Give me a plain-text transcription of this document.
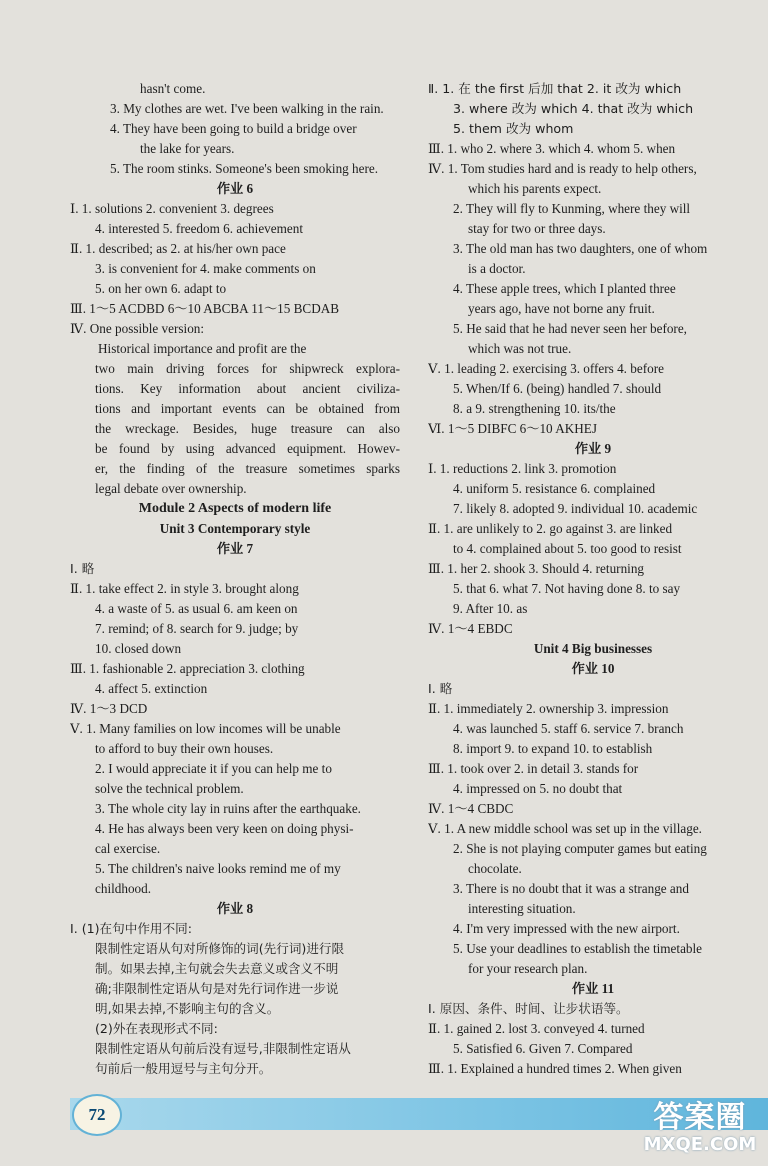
hasn't come.
3. My clothes are wet. I've been walking in the rain.
4. They have been going to build a bridge over
the lake for years.
5. The room stinks. Someone's been smoking here.
作业 6
Ⅰ. 1. solutions 2. convenient 3. degrees
4. interested 5. freedom 6. achievement
Ⅱ. 1. described; as 2. at his/her own pace
3. is convenient for 4. make comments on
5. on her own 6. adapt to
Ⅲ. 1～5 ACDBD 6～10 ABCBA 11～15 BCDAB
Ⅳ. One possible version:
Historical importance and profit are the
two main driving forces for shipwreck explora-
tions. Key information about ancient civiliza-
tions and important events can be obtained from
the wreckage. Besides, huge treasure can also
be found by using advanced equipment. Howev-
er, the finding of the treasure sometimes sparks
legal debate over ownership.
Module 2 Aspects of modern life
Unit 3 Contemporary style
作业 7
Ⅰ. 略
Ⅱ. 1. take effect 2. in style 3. brought along
4. a waste of 5. as usual 6. am keen on
7. remind; of 8. search for 9. judge; by
10. closed down
Ⅲ. 1. fashionable 2. appreciation 3. clothing
4. affect 5. extinction
Ⅳ. 1～3 DCD
Ⅴ. 1. Many families on low incomes will be unable
to afford to buy their own houses.
2. I would appreciate it if you can help me to
solve the technical problem.
3. The whole city lay in ruins after the earthquake.
4. He has always been very keen on doing physi-
cal exercise.
5. The children's naive looks remind me of my
childhood.
作业 8
Ⅰ. (1)在句中作用不同:
限制性定语从句对所修饰的词(先行词)进行限
制。如果去掉,主句就会失去意义或含义不明
确;非限制性定语从句是对先行词作进一步说
明,如果去掉,不影响主句的含义。
(2)外在表现形式不同:
限制性定语从句前后没有逗号,非限制性定语从
句前后一般用逗号与主句分开。
Ⅱ. 1. 在 the first 后加 that 2. it 改为 which
3. where 改为 which 4. that 改为 which
5. them 改为 whom
Ⅲ. 1. who 2. where 3. which 4. whom 5. when
Ⅳ. 1. Tom studies hard and is ready to help others,
which his parents expect.
2. They will fly to Kunming, where they will
stay for two or three days.
3. The old man has two daughters, one of whom
is a doctor.
4. These apple trees, which I planted three
years ago, have not borne any fruit.
5. He said that he had never seen her before,
which was not true.
Ⅴ. 1. leading 2. exercising 3. offers 4. before
5. When/If 6. (being) handled 7. should
8. a 9. strengthening 10. its/the
Ⅵ. 1～5 DIBFC 6～10 AKHEJ
作业 9
Ⅰ. 1. reductions 2. link 3. promotion
4. uniform 5. resistance 6. complained
7. likely 8. adopted 9. individual 10. academic
Ⅱ. 1. are unlikely to 2. go against 3. are linked
to 4. complained about 5. too good to resist
Ⅲ. 1. her 2. shook 3. Should 4. returning
5. that 6. what 7. Not having done 8. to say
9. After 10. as
Ⅳ. 1～4 EBDC
Unit 4 Big businesses
作业 10
Ⅰ. 略
Ⅱ. 1. immediately 2. ownership 3. impression
4. was launched 5. staff 6. service 7. branch
8. import 9. to expand 10. to establish
Ⅲ. 1. took over 2. in detail 3. stands for
4. impressed on 5. no doubt that
Ⅳ. 1～4 CBDC
Ⅴ. 1. A new middle school was set up in the village.
2. She is not playing computer games but eating
chocolate.
3. There is no doubt that it was a strange and
interesting situation.
4. I'm very impressed with the new airport.
5. Use your deadlines to establish the timetable
for your research plan.
作业 11
Ⅰ. 原因、条件、时间、让步状语等。
Ⅱ. 1. gained 2. lost 3. conveyed 4. turned
5. Satisfied 6. Given 7. Compared
Ⅲ. 1. Explained a hundred times 2. When given
72	答案圈
MXQE.COM
